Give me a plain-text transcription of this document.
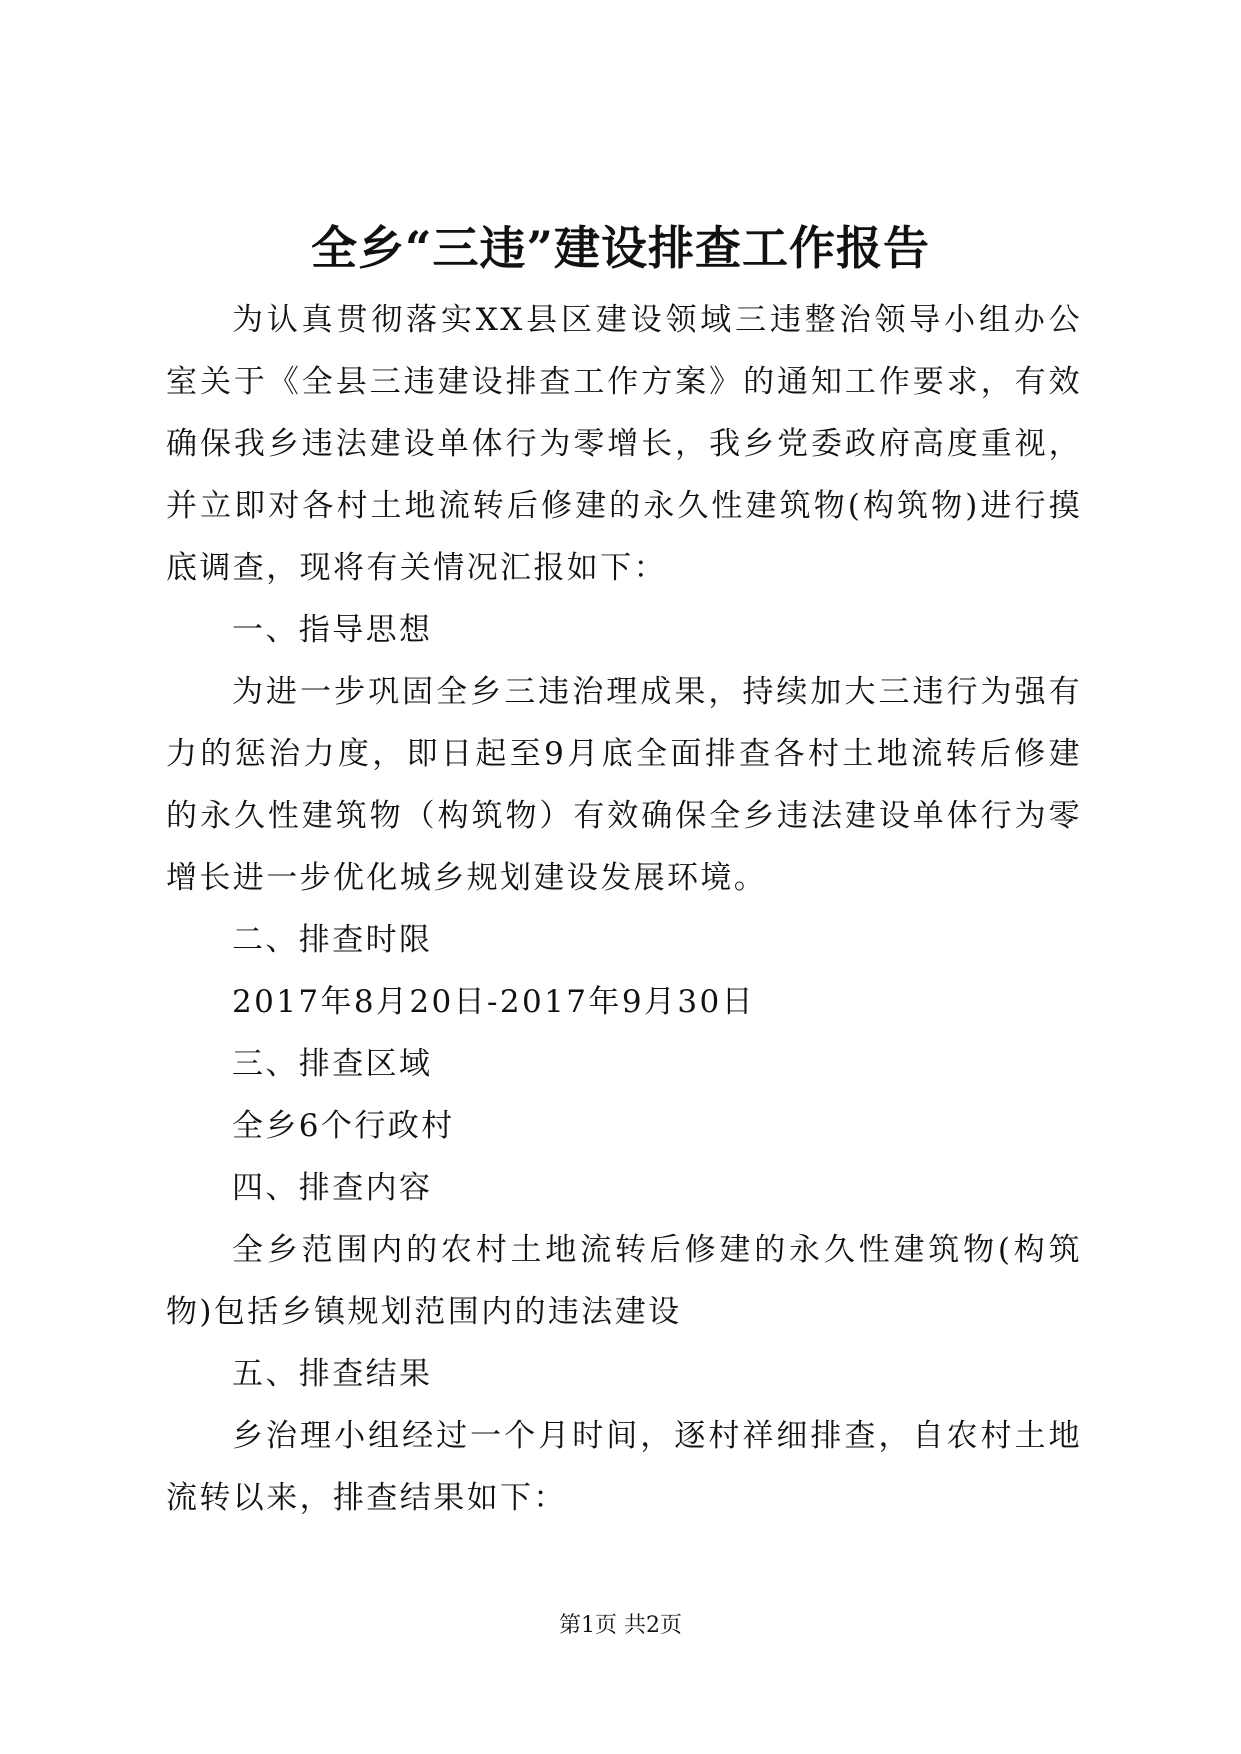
全乡“三违”建设排查工作报告

为认真贯彻落实XX县区建设领域三违整治领导小组办公室关于《全县三违建设排查工作方案》的通知工作要求，有效确保我乡违法建设单体行为零增长，我乡党委政府高度重视，并立即对各村土地流转后修建的永久性建筑物(构筑物)进行摸底调查，现将有关情况汇报如下：

一、指导思想

为进一步巩固全乡三违治理成果，持续加大三违行为强有力的惩治力度，即日起至9月底全面排查各村土地流转后修建的永久性建筑物（构筑物）有效确保全乡违法建设单体行为零增长进一步优化城乡规划建设发展环境。

二、排查时限

2017年8月20日-2017年9月30日

三、排查区域

全乡6个行政村

四、排查内容

全乡范围内的农村土地流转后修建的永久性建筑物(构筑物)包括乡镇规划范围内的违法建设

五、排查结果

乡治理小组经过一个月时间，逐村祥细排查，自农村土地流转以来，排查结果如下：

第1页 共2页
